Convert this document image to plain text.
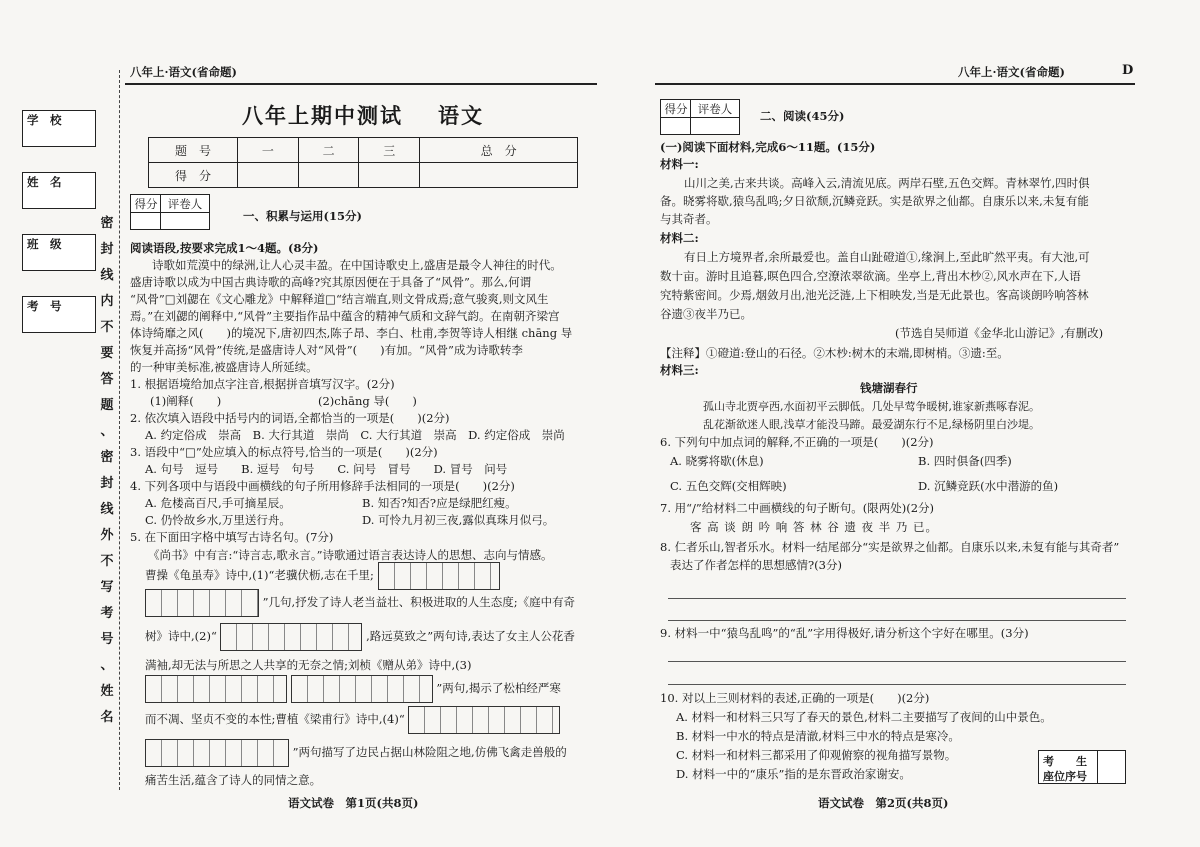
八年上·语文(省命题)
学　校
姓　名
班　级
考　号
密
封
线
内
不
要
答
题
、
密
封
线
外
不
写
考
号
、
姓
名
八年上期中测试 语文
题　号	一	二	三	总　分
得　分				
得分 评卷人
一、积累与运用(15分)
阅读语段,按要求完成1～4题。(8分)
诗歌如荒漠中的绿洲,让人心灵丰盈。在中国诗歌史上,盛唐是最令人神往的时代。
盛唐诗歌以成为中国古典诗歌的高峰?究其原因便在于具备了“风骨”。那么,何谓
“风骨”□刘勰在《文心雕龙》中解释道□“结言端直,则文骨成焉;意气骏爽,则文风生
焉。”在刘勰的阐释中,“风骨”主要指作品中蕴含的精神气质和文辞气韵。在南朝齐梁宫
体诗绮靡之风(　　)的境况下,唐初四杰,陈子昂、李白、杜甫,李贺等诗人相继 chāng 导
恢复并高扬“风骨”传统,是盛唐诗人对“风骨”(　　)有加。“风骨”成为诗歌转李
的一种审美标准,被盛唐诗人所延续。
1. 根据语境给加点字注音,根据拼音填写汉字。(2分)
(1)阐释(　　)	(2)chāng 导(　　)
2. 依次填入语段中括号内的词语,全都恰当的一项是(　　)(2分)
A. 约定俗成　崇高　B. 大行其道　崇尚　C. 大行其道　崇高　D. 约定俗成　崇尚
3. 语段中“□”处应填入的标点符号,恰当的一项是(　　)(2分)
A. 句号　逗号　　B. 逗号　句号　　C. 问号　冒号　　D. 冒号　问号
4. 下列各项中与语段中画横线的句子所用修辞手法相同的一项是(　　)(2分)
A. 危楼高百尺,手可摘星辰。	B. 知否?知否?应是绿肥红瘦。
C. 仍怜故乡水,万里送行舟。	D. 可怜九月初三夜,露似真珠月似弓。
5. 在下面田字格中填写古诗名句。(7分)
《尚书》中有言:“诗言志,歌永言。”诗歌通过语言表达诗人的思想、志向与情感。
曹操《龟虽寿》诗中,(1)“老骥伏枥,志在千里;
”几句,抒发了诗人老当益壮、积极进取的人生态度;《庭中有奇
树》诗中,(2)“	,路远莫致之”两句诗,表达了女主人公花香
满袖,却无法与所思之人共享的无奈之情;刘桢《赠从弟》诗中,(3)
”两句,揭示了松柏经严寒
而不凋、坚贞不变的本性;曹植《梁甫行》诗中,(4)“
”两句描写了边民占据山林险阻之地,仿佛飞禽走兽般的
痛苦生活,蕴含了诗人的同情之意。
语文试卷　第1页(共8页)
八年上·语文(省命题)	D
得分 评卷人	二、阅读(45分)
(一)阅读下面材料,完成6～11题。(15分)
材料一:
山川之美,古来共谈。高峰入云,清流见底。两岸石壁,五色交辉。青林翠竹,四时俱
备。晓雾将歇,猿鸟乱鸣;夕日欲颓,沉鳞竞跃。实是欲界之仙都。自康乐以来,未复有能
与其奇者。
材料二:
有日上方境界者,余所最爱也。盖自山趾磴道①,缘涧上,至此旷然平夷。有大池,可
数十亩。游时且追暮,暝色四合,空潦浓翠欲滴。坐亭上,背出木杪②,风水声在下,人语
究特紫密间。少焉,烟敛月出,池光泛涟,上下相映发,当是无此景也。客高谈朗吟响答林
谷遗③夜半乃已。
(节选自吴师道《金华北山游记》,有删改)
【注释】①磴道:登山的石径。②木杪:树木的末端,即树梢。③遗:至。
材料三:
钱塘湖春行
孤山寺北贾亭西,水面初平云脚低。几处早莺争暖树,谁家新燕啄春泥。
乱花渐欲迷人眼,浅草才能没马蹄。最爱湖东行不足,绿杨阴里白沙堤。
6. 下列句中加点词的解释,不正确的一项是(　　)(2分)
A. 晓雾将歇(休息)	B. 四时俱备(四季)
C. 五色交辉(交相辉映)	D. 沉鳞竞跃(水中潜游的鱼)
7. 用“/”给材料二中画横线的句子断句。(限两处)(2分)
客 高 谈 朗 吟 响 答 林 谷 遗 夜 半 乃 已。
8. 仁者乐山,智者乐水。材料一结尾部分“实是欲界之仙都。自康乐以来,未复有能与其奇者”
表达了作者怎样的思想感情?(3分)
9. 材料一中“猿鸟乱鸣”的“乱”字用得极好,请分析这个字好在哪里。(3分)
10. 对以上三则材料的表述,正确的一项是(　　)(2分)
A. 材料一和材料三只写了春天的景色,材料二主要描写了夜间的山中景色。
B. 材料一中水的特点是清澈,材料三中水的特点是寒冷。
C. 材料一和材料三都采用了仰观俯察的视角描写景物。
D. 材料一中的“康乐”指的是东晋政治家谢安。
考　　生
座位序号
语文试卷　第2页(共8页)
